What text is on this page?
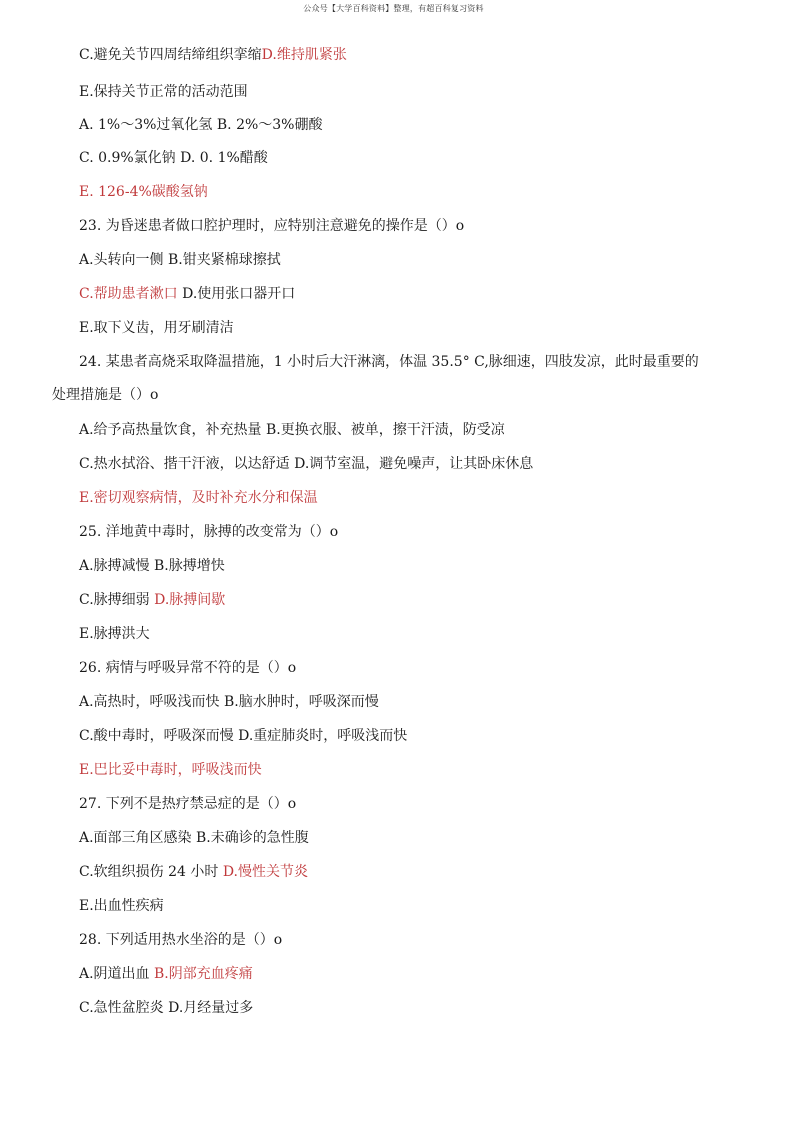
公众号【大学百科资料】整理，有超百科复习资料
C.避免关节四周结缔组织挛缩D.维持肌紧张
E.保持关节正常的活动范围
A. 1%～3%过氧化氢 B. 2%～3%硼酸
C. 0.9%氯化钠 D. 0. 1%醋酸
E. 126-4%碳酸氢钠
23. 为昏迷患者做口腔护理时，应特别注意避免的操作是（）o
A.头转向一侧 B.钳夹紧棉球擦拭
C.帮助患者漱口 D.使用张口器开口
E.取下义齿，用牙刷清洁
24. 某患者高烧采取降温措施，1 小时后大汗淋漓，体温 35.5° C,脉细速，四肢发凉，此时最重要的
处理措施是（）o
A.给予高热量饮食，补充热量 B.更换衣服、被单，擦干汗渍，防受凉
C.热水拭浴、揩干汗液，以达舒适 D.调节室温，避免噪声，让其卧床休息
E.密切观察病情，及时补充水分和保温
25. 洋地黄中毒时，脉搏的改变常为（）o
A.脉搏减慢 B.脉搏增快
C.脉搏细弱 D.脉搏间歇
E.脉搏洪大
26. 病情与呼吸异常不符的是（）o
A.高热时，呼吸浅而快 B.脑水肿时，呼吸深而慢
C.酸中毒时，呼吸深而慢 D.重症肺炎时，呼吸浅而快
E.巴比妥中毒时，呼吸浅而快
27. 下列不是热疗禁忌症的是（）o
A.面部三角区感染 B.未确诊的急性腹
C.软组织损伤 24 小时 D.慢性关节炎
E.出血性疾病
28. 下列适用热水坐浴的是（）o
A.阴道出血 B.阴部充血疼痛
C.急性盆腔炎 D.月经量过多
